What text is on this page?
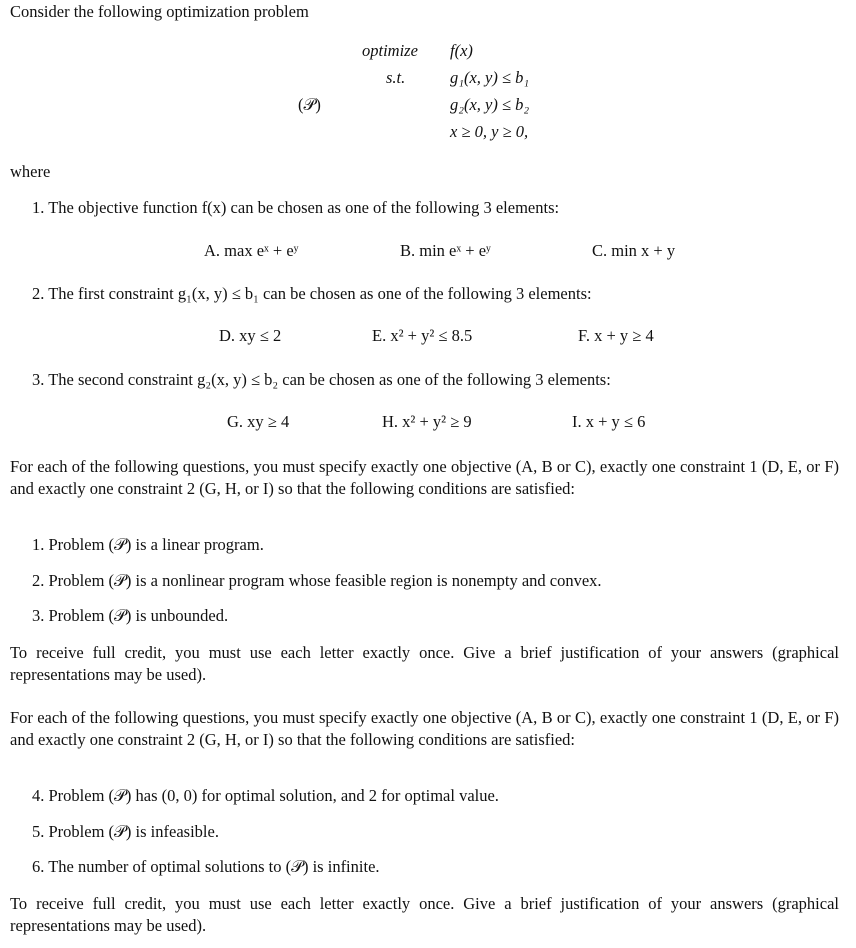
Consider the following optimization problem
optimize f(x)
s.t.	g₁(x, y) ≤ b₁
(𝒫)	g₂(x, y) ≤ b₂
x ≥ 0, y ≥ 0,
where
1. The objective function f(x) can be chosen as one of the following 3 elements:
A. max eˣ + eʸ	B. min eˣ + eʸ	C. min x + y
2. The first constraint g₁(x, y) ≤ b₁ can be chosen as one of the following 3 elements:
D. xy ≤ 2	E. x² + y² ≤ 8.5	F. x + y ≥ 4
3. The second constraint g₂(x, y) ≤ b₂ can be chosen as one of the following 3 elements:
G. xy ≥ 4	H. x² + y² ≥ 9	I. x + y ≤ 6

For each of the following questions, you must specify exactly one objective (A, B or C), exactly one constraint 1 (D, E, or F) and exactly one constraint 2 (G, H, or I) so that the following conditions are satisfied:

1. Problem (𝒫) is a linear program.
2. Problem (𝒫) is a nonlinear program whose feasible region is nonempty and convex.
3. Problem (𝒫) is unbounded.

To receive full credit, you must use each letter exactly once. Give a brief justification of your answers (graphical representations may be used).

For each of the following questions, you must specify exactly one objective (A, B or C), exactly one constraint 1 (D, E, or F) and exactly one constraint 2 (G, H, or I) so that the following conditions are satisfied:

4. Problem (𝒫) has (0, 0) for optimal solution, and 2 for optimal value.
5. Problem (𝒫) is infeasible.
6. The number of optimal solutions to (𝒫) is infinite.

To receive full credit, you must use each letter exactly once. Give a brief justification of your answers (graphical representations may be used).
